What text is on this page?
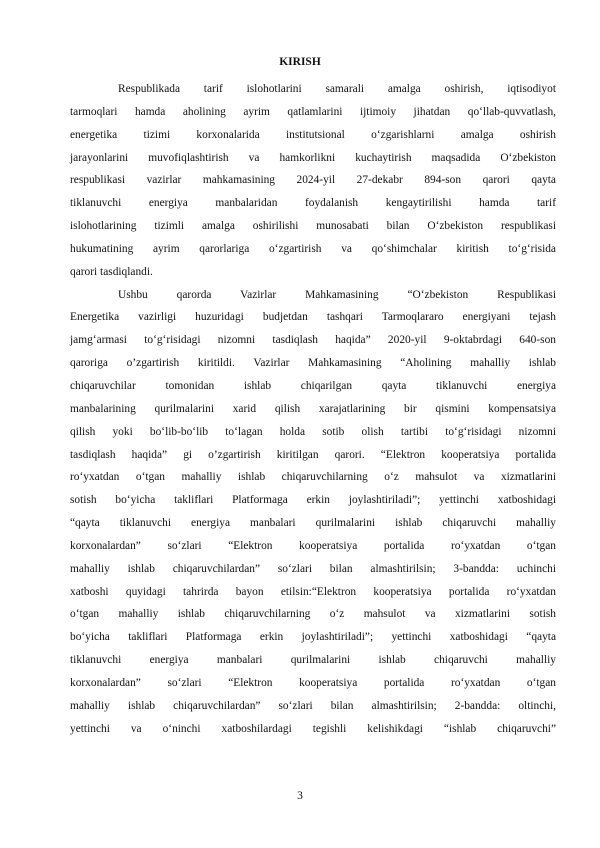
KIRISH
Respublikada tarif islohotlarini samarali amalga oshirish, iqtisodiyot
tarmoqlari hamda aholining ayrim qatlamlarini ijtimoiy jihatdan qo‘llab-quvvatlash,
energetika tizimi korxonalarida institutsional o‘zgarishlarni amalga oshirish
jarayonlarini muvofiqlashtirish va hamkorlikni kuchaytirish maqsadida O‘zbekiston
respublikasi vazirlar mahkamasining 2024-yil 27-dekabr 894-son qarori qayta
tiklanuvchi energiya manbalaridan foydalanish kengaytirilishi hamda tarif
islohotlarining tizimli amalga oshirilishi munosabati bilan O‘zbekiston respublikasi
hukumatining ayrim qarorlariga o‘zgartirish va qo‘shimchalar kiritish to‘g‘risida
qarori tasdiqlandi.
Ushbu qarorda Vazirlar Mahkamasining “O‘zbekiston Respublikasi
Energetika vazirligi huzuridagi budjetdan tashqari Tarmoqlararo energiyani tejash
jamg‘armasi to‘g‘risidagi nizomni tasdiqlash haqida” 2020-yil 9-oktabrdagi 640-son
qaroriga o’zgartirish kiritildi. Vazirlar Mahkamasining “Aholining mahalliy ishlab
chiqaruvchilar tomonidan ishlab chiqarilgan qayta tiklanuvchi energiya
manbalarining qurilmalarini xarid qilish xarajatlarining bir qismini kompensatsiya
qilish yoki bo‘lib-bo‘lib to‘lagan holda sotib olish tartibi to‘g‘risidagi nizomni
tasdiqlash haqida” gi o’zgartirish kiritilgan qarori. “Elektron kooperatsiya portalida
ro‘yxatdan o‘tgan mahalliy ishlab chiqaruvchilarning o‘z mahsulot va xizmatlarini
sotish bo‘yicha takliflari Platformaga erkin joylashtiriladi”; yettinchi xatboshidagi
“qayta tiklanuvchi energiya manbalari qurilmalarini ishlab chiqaruvchi mahalliy
korxonalardan” so‘zlari “Elektron kooperatsiya portalida ro‘yxatdan o‘tgan
mahalliy ishlab chiqaruvchilardan” so‘zlari bilan almashtirilsin; 3-bandda: uchinchi
xatboshi quyidagi tahrirda bayon etilsin:“Elektron kooperatsiya portalida ro‘yxatdan
o‘tgan mahalliy ishlab chiqaruvchilarning o‘z mahsulot va xizmatlarini sotish
bo‘yicha takliflari Platformaga erkin joylashtiriladi”; yettinchi xatboshidagi “qayta
tiklanuvchi energiya manbalari qurilmalarini ishlab chiqaruvchi mahalliy
korxonalardan” so‘zlari “Elektron kooperatsiya portalida ro‘yxatdan o‘tgan
mahalliy ishlab chiqaruvchilardan” so‘zlari bilan almashtirilsin; 2-bandda: oltinchi,
yettinchi va o‘ninchi xatboshilardagi tegishli kelishikdagi “ishlab chiqaruvchi”
3
